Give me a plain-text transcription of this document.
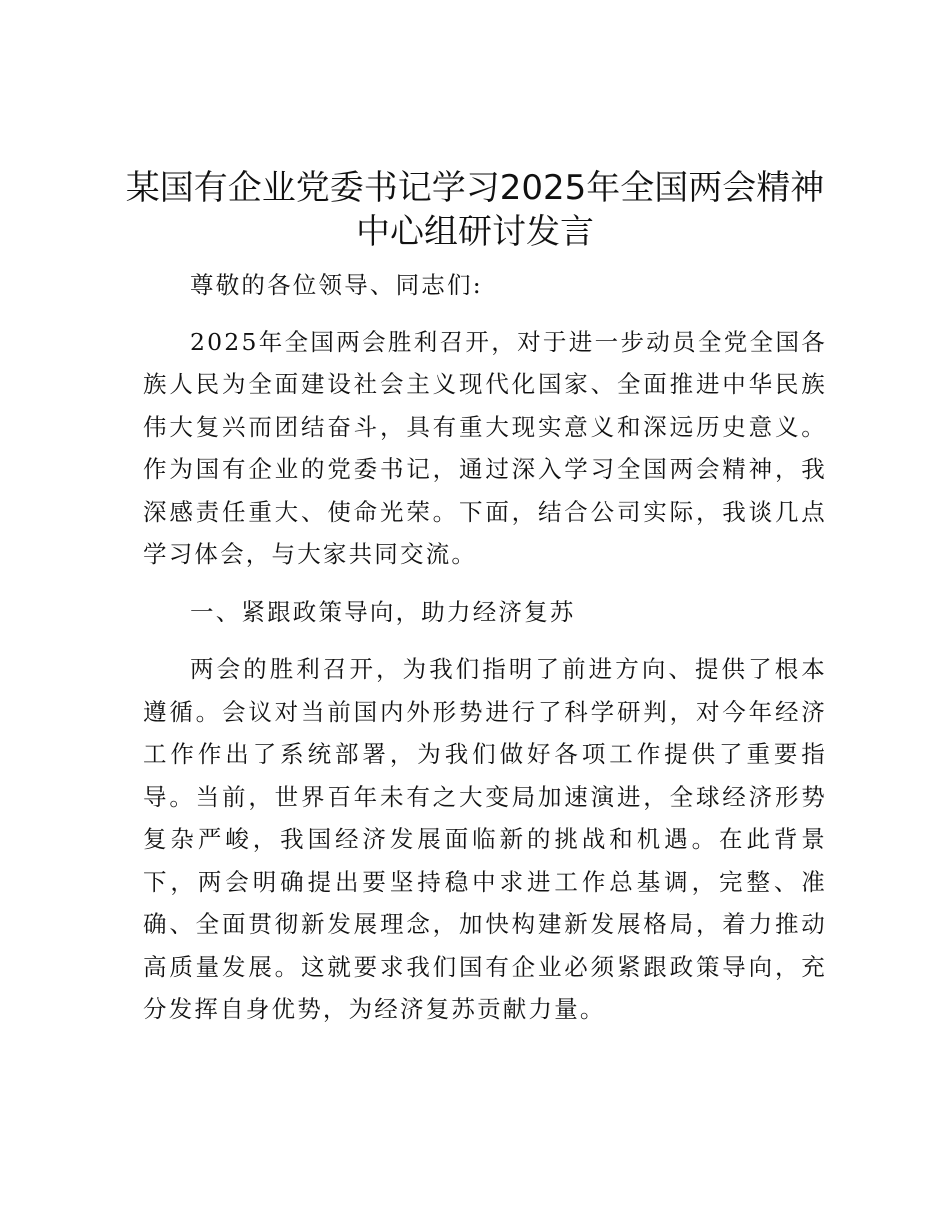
某国有企业党委书记学习2025年全国两会精神
中心组研讨发言

尊敬的各位领导、同志们:

2025年全国两会胜利召开，对于进一步动员全党全国各族人民为全面建设社会主义现代化国家、全面推进中华民族伟大复兴而团结奋斗，具有重大现实意义和深远历史意义。作为国有企业的党委书记，通过深入学习全国两会精神，我深感责任重大、使命光荣。下面，结合公司实际，我谈几点学习体会，与大家共同交流。

一、紧跟政策导向，助力经济复苏

两会的胜利召开，为我们指明了前进方向、提供了根本遵循。会议对当前国内外形势进行了科学研判，对今年经济工作作出了系统部署，为我们做好各项工作提供了重要指导。当前，世界百年未有之大变局加速演进，全球经济形势复杂严峻，我国经济发展面临新的挑战和机遇。在此背景下，两会明确提出要坚持稳中求进工作总基调，完整、准确、全面贯彻新发展理念，加快构建新发展格局，着力推动高质量发展。这就要求我们国有企业必须紧跟政策导向，充分发挥自身优势，为经济复苏贡献力量。
